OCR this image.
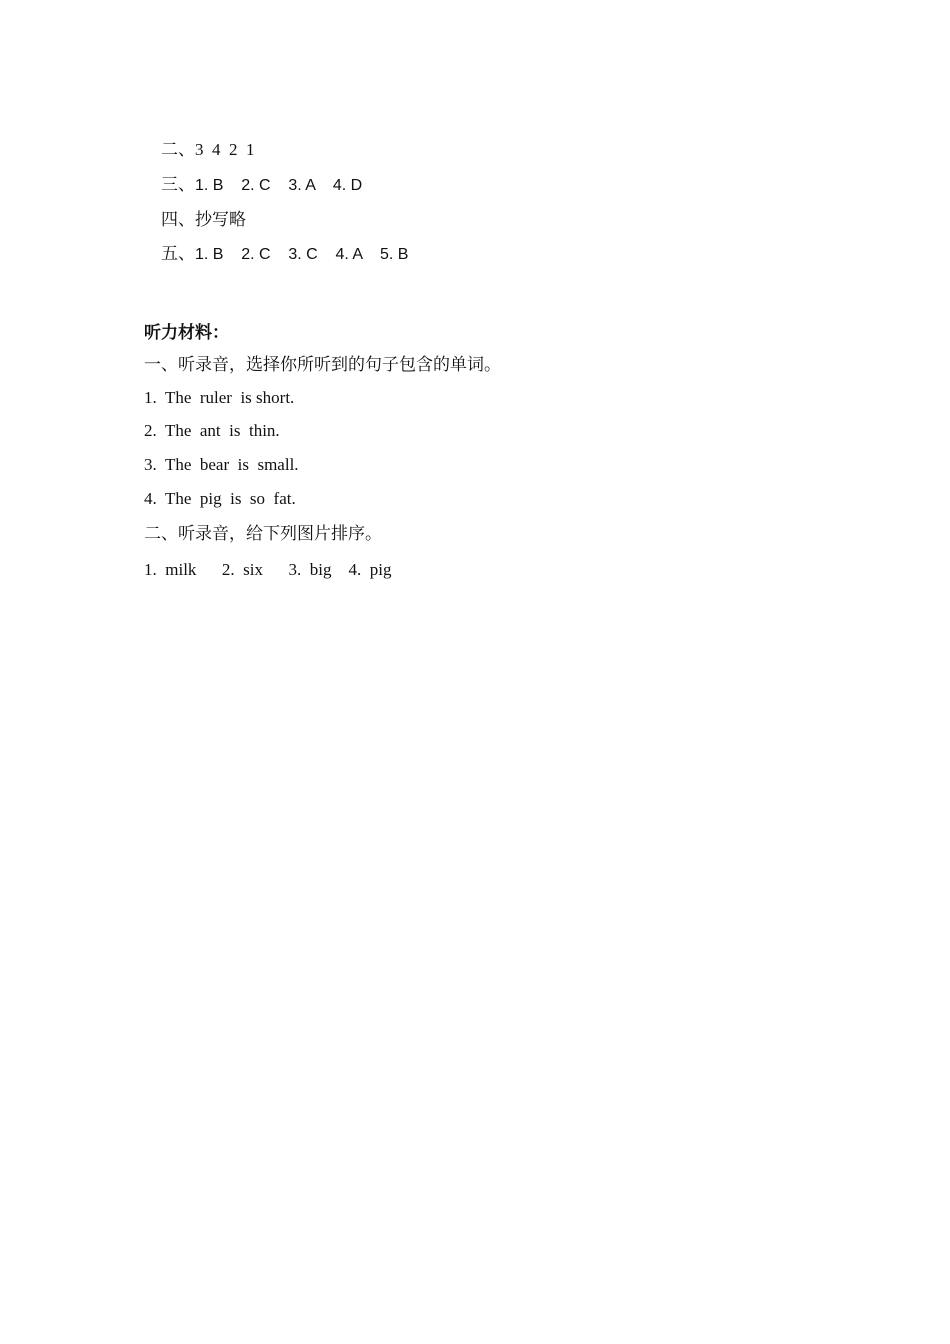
二、3  4  2  1

三、1. B    2. C    3. A    4. D

四、抄写略

五、1. B    2. C    3. C    4. A    5. B

听力材料：
一、听录音，选择你所听到的句子包含的单词。
1.  The  ruler  is short.
2.  The  ant  is  thin.
3.  The  bear  is  small.
4.  The  pig  is  so  fat.
二、听录音，给下列图片排序。
1.  milk      2.  six      3.  big    4.  pig
